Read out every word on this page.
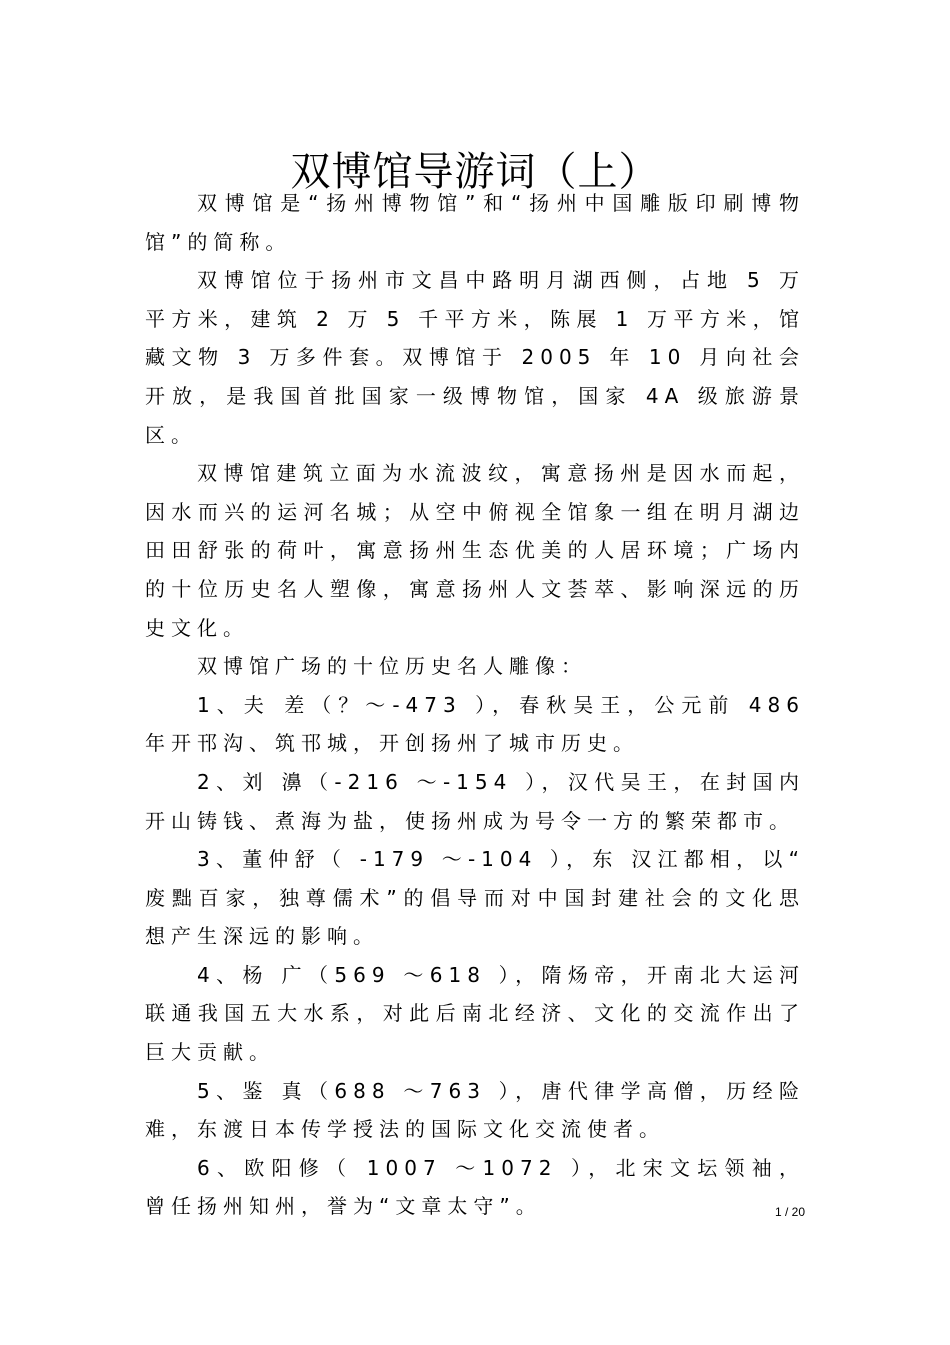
双博馆导游词（上）

双博馆是“扬州博物馆”和“扬州中国雕版印刷博物馆”的简称。

双博馆位于扬州市文昌中路明月湖西侧，占地 5 万平方米，建筑 2 万 5 千平方米，陈展 1 万平方米，馆藏文物 3 万多件套。双博馆于 2005 年 10 月向社会开放，是我国首批国家一级博物馆，国家 4A 级旅游景区。

双博馆建筑立面为水流波纹，寓意扬州是因水而起，因水而兴的运河名城；从空中俯视全馆象一组在明月湖边田田舒张的荷叶，寓意扬州生态优美的人居环境；广场内的十位历史名人塑像，寓意扬州人文荟萃、影响深远的历史文化。

双博馆广场的十位历史名人雕像：

1、夫 差（？～-473 ），春秋吴王，公元前 486 年开邗沟、筑邗城，开创扬州了城市历史。

2、刘 濞（-216 ～-154 ），汉代吴王，在封国内开山铸钱、煮海为盐，使扬州成为号令一方的繁荣都市。

3、董仲舒（ -179 ～-104 ），东 汉江都相，以“ 废黜百家，独尊儒术”的倡导而对中国封建社会的文化思想产生深远的影响。

4、杨 广（569 ～618 ），隋炀帝，开南北大运河联通我国五大水系，对此后南北经济、文化的交流作出了巨大贡献。

5、鉴 真（688 ～763 ），唐代律学高僧，历经险难，东渡日本传学授法的国际文化交流使者。

6、欧阳修（ 1007 ～1072 ），北宋文坛领袖，曾任扬州知州，誉为“文章太守”。	1 / 20
